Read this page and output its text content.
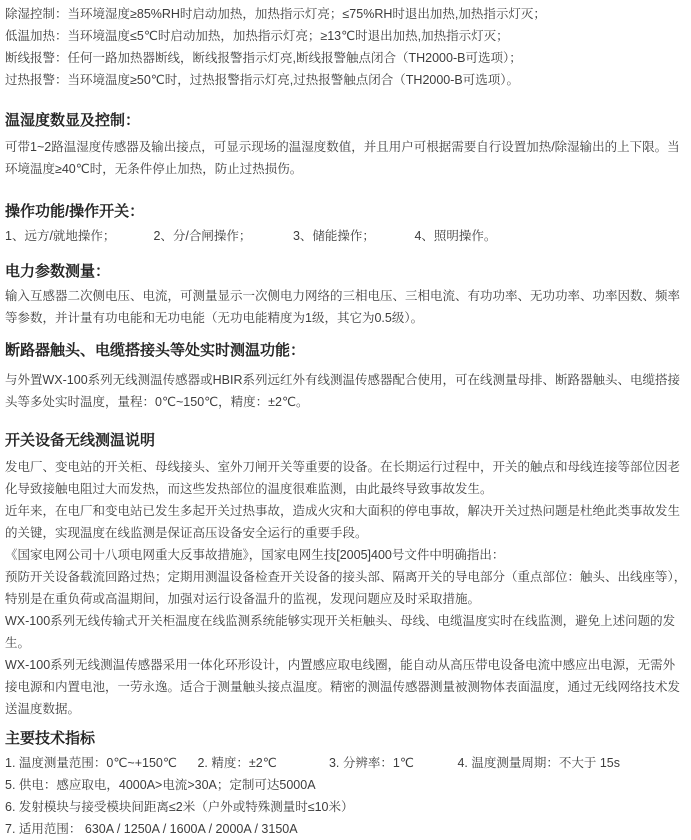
除湿控制：当环境湿度≥85%RH时启动加热，加热指示灯亮；≤75%RH时退出加热,加热指示灯灭；

低温加热：当环境温度≤5℃时启动加热，加热指示灯亮；≥13℃时退出加热,加热指示灯灭；

断线报警：任何一路加热器断线，断线报警指示灯亮,断线报警触点闭合（TH2000-B可选项）；

过热报警：当环境温度≥50℃时，过热报警指示灯亮,过热报警触点闭合（TH2000-B可选项）。

温湿度数显及控制：

可带1~2路温湿度传感器及输出接点，可显示现场的温湿度数值，并且用户可根据需要自行设置加热/除湿输出的上下限。当环境温度≥40℃时，无条件停止加热，防止过热损伤。

操作功能/操作开关：

1、远方/就地操作；	2、分/合闸操作；	3、储能操作；	4、照明操作。

电力参数测量：

输入互感器二次侧电压、电流，可测量显示一次侧电力网络的三相电压、三相电流、有功功率、无功功率、功率因数、频率等参数，并计量有功电能和无功电能（无功电能精度为1级，其它为0.5级）。

断路器触头、电缆搭接头等处实时测温功能：

与外置WX-100系列无线测温传感器或HBIR系列远红外有线测温传感器配合使用，可在线测量母排、断路器触头、电缆搭接头等多处实时温度，量程：0℃~150℃，精度：±2℃。

开关设备无线测温说明

发电厂、变电站的开关柜、母线接头、室外刀闸开关等重要的设备。在长期运行过程中，开关的触点和母线连接等部位因老化导致接触电阻过大而发热，而这些发热部位的温度很难监测，由此最终导致事故发生。

近年来，在电厂和变电站已发生多起开关过热事故，造成火灾和大面积的停电事故，解决开关过热问题是杜绝此类事故发生的关键，实现温度在线监测是保证高压设备安全运行的重要手段。

《国家电网公司十八项电网重大反事故措施》，国家电网生技[2005]400号文件中明确指出：

预防开关设备载流回路过热；定期用测温设备检查开关设备的接头部、隔离开关的导电部分（重点部位：触头、出线座等），特别是在重负荷或高温期间，加强对运行设备温升的监视，发现问题应及时采取措施。

WX-100系列无线传输式开关柜温度在线监测系统能够实现开关柜触头、母线、电缆温度实时在线监测，避免上述问题的发生。

WX-100系列无线测温传感器采用一体化环形设计，内置感应取电线圈，能自动从高压带电设备电流中感应出电源，无需外接电源和内置电池，一劳永逸。适合于测量触头接点温度。精密的测温传感器测量被测物体表面温度，通过无线网络技术发送温度数据。

主要技术指标

1. 温度测量范围：0℃~+150℃ 2. 精度：±2℃	3. 分辨率：1℃	4. 温度测量周期：不大于 15s

5. 供电：感应取电，4000A>电流>30A；定制可达5000A

6. 发射模块与接受模块间距离≤2米（户外或特殊测量时≤10米）

7. 适用范围： 630A / 1250A / 1600A / 2000A / 3150A
